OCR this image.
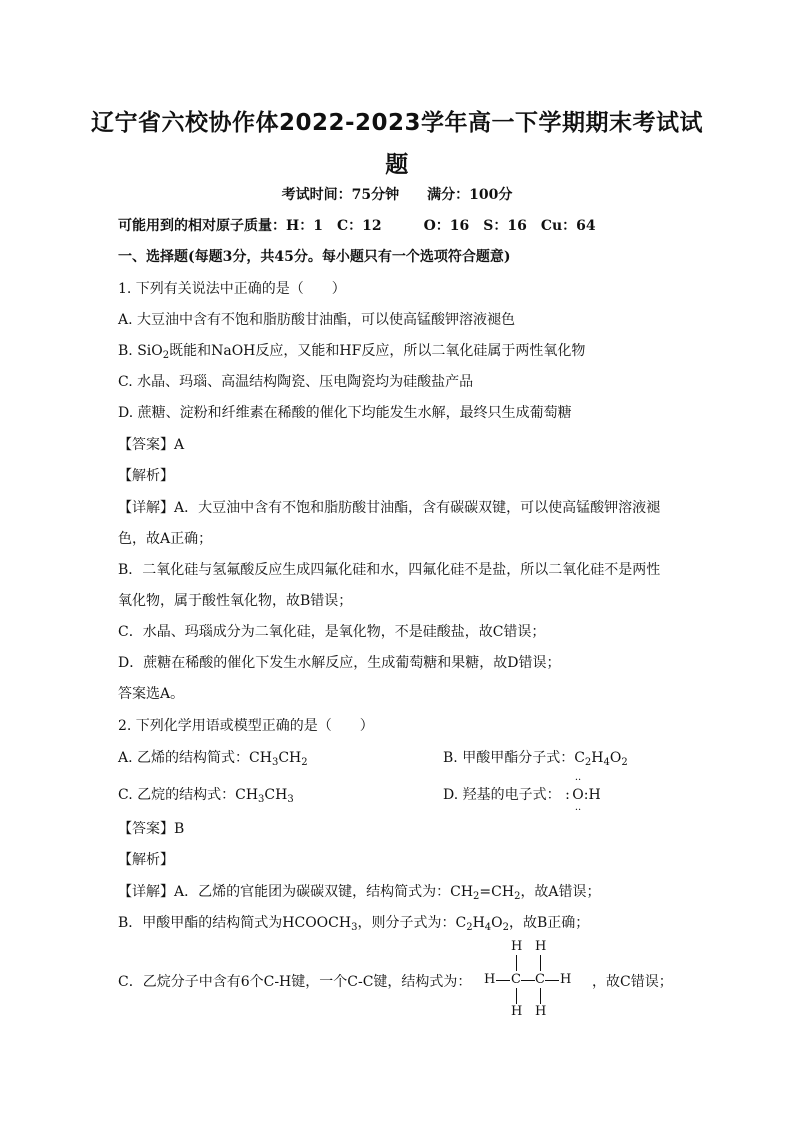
辽宁省六校协作体2022-2023学年高一下学期期末考试试
题
考试时间：75分钟　　满分：100分
可能用到的相对原子质量：H：1　C：12　　　O：16　S：16　Cu：64
一、选择题(每题3分，共45分。每小题只有一个选项符合题意)
1. 下列有关说法中正确的是（　　）
A. 大豆油中含有不饱和脂肪酸甘油酯，可以使高锰酸钾溶液褪色
B. SiO$_2$既能和NaOH反应，又能和HF反应，所以二氧化硅属于两性氧化物
C. 水晶、玛瑙、高温结构陶瓷、压电陶瓷均为硅酸盐产品
D. 蔗糖、淀粉和纤维素在稀酸的催化下均能发生水解，最终只生成葡萄糖
【答案】A
【解析】
【详解】A．大豆油中含有不饱和脂肪酸甘油酯，含有碳碳双键，可以使高锰酸钾溶液褪
色，故A正确；
B．二氧化硅与氢氟酸反应生成四氟化硅和水，四氟化硅不是盐，所以二氧化硅不是两性
氧化物，属于酸性氧化物，故B错误；
C．水晶、玛瑙成分为二氧化硅，是氧化物，不是硅酸盐，故C错误；
D．蔗糖在稀酸的催化下发生水解反应，生成葡萄糖和果糖，故D错误；
答案选A。
2. 下列化学用语或模型正确的是（　　）
A. 乙烯的结构简式：$CH_3CH_2$	B. 甲酸甲酯分子式：$C_2H_4O_2$
C. 乙烷的结构式：$CH_3CH_3$	D. 羟基的电子式： :
··
O
··
:H
【答案】B
【解析】
【详解】A．乙烯的官能团为碳碳双键，结构简式为：$CH_2=CH_2$，故A错误；
B．甲酸甲酯的结构简式为$HCOOCH_3$，则分子式为：$C_2H_4O_2$，故B正确；
C．乙烷分子中含有6个C-H键，一个C-C键，结构式为：
H H
H C C H
H H
，故C错误；
